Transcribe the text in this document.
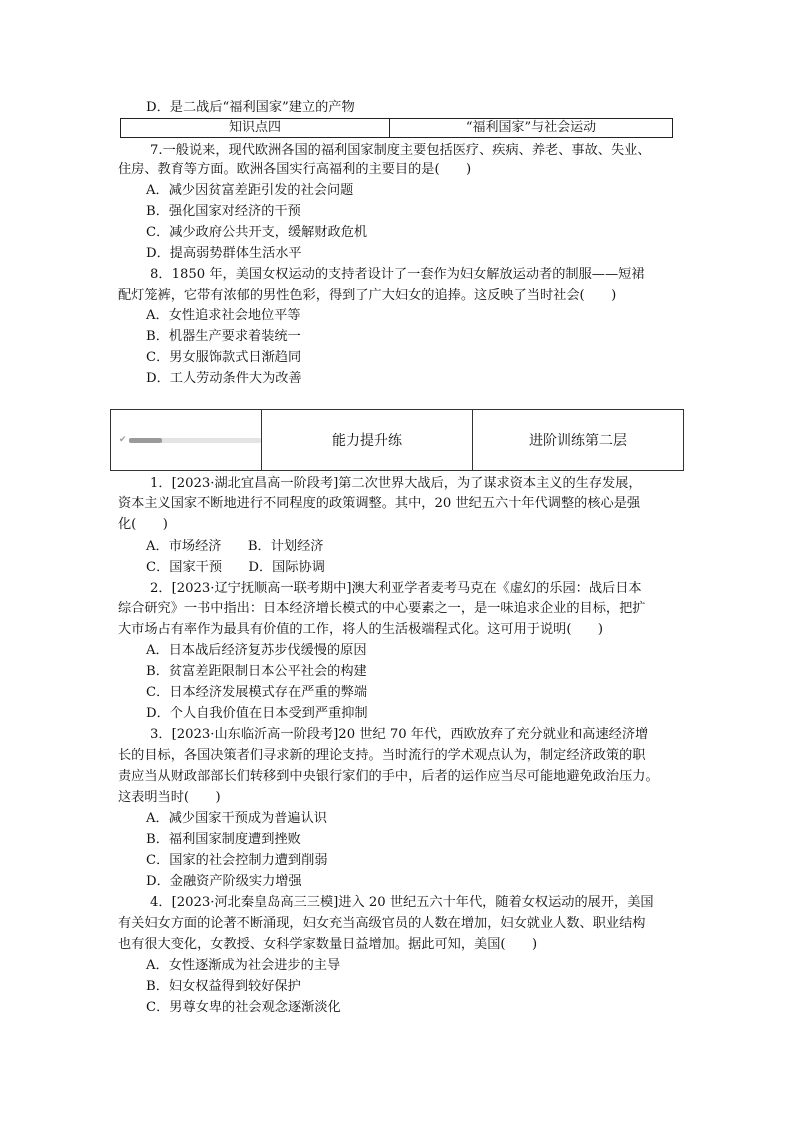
D．是二战后“福利国家”建立的产物
知识点四	“福利国家”与社会运动
7.一般说来，现代欧洲各国的福利国家制度主要包括医疗、疾病、养老、事故、失业、
住房、教育等方面。欧洲各国实行高福利的主要目的是(　　)
A．减少因贫富差距引发的社会问题
B．强化国家对经济的干预
C．减少政府公共开支，缓解财政危机
D．提高弱势群体生活水平
8．1850 年，美国女权运动的支持者设计了一套作为妇女解放运动者的制服——短裙
配灯笼裤，它带有浓郁的男性色彩，得到了广大妇女的追捧。这反映了当时社会(　　)
A．女性追求社会地位平等
B．机器生产要求着装统一
C．男女服饰款式日渐趋同
D．工人劳动条件大为改善
✔	能力提升练	进阶训练第二层
1．[2023·湖北宜昌高一阶段考]第二次世界大战后，为了谋求资本主义的生存发展，
资本主义国家不断地进行不同程度的政策调整。其中，20 世纪五六十年代调整的核心是强
化(　　)
A．市场经济　　B．计划经济
C．国家干预　　D．国际协调
2．[2023·辽宁抚顺高一联考期中]澳大利亚学者麦考马克在《虚幻的乐园：战后日本
综合研究》一书中指出：日本经济增长模式的中心要素之一，是一味追求企业的目标，把扩
大市场占有率作为最具有价值的工作，将人的生活极端程式化。这可用于说明(　　)
A．日本战后经济复苏步伐缓慢的原因
B．贫富差距限制日本公平社会的构建
C．日本经济发展模式存在严重的弊端
D．个人自我价值在日本受到严重抑制
3．[2023·山东临沂高一阶段考]20 世纪 70 年代，西欧放弃了充分就业和高速经济增
长的目标，各国决策者们寻求新的理论支持。当时流行的学术观点认为，制定经济政策的职
责应当从财政部部长们转移到中央银行家们的手中，后者的运作应当尽可能地避免政治压力。
这表明当时(　　)
A．减少国家干预成为普遍认识
B．福利国家制度遭到挫败
C．国家的社会控制力遭到削弱
D．金融资产阶级实力增强
4．[2023·河北秦皇岛高三三模]进入 20 世纪五六十年代，随着女权运动的展开，美国
有关妇女方面的论著不断涌现，妇女充当高级官员的人数在增加，妇女就业人数、职业结构
也有很大变化，女教授、女科学家数量日益增加。据此可知，美国(　　)
A．女性逐渐成为社会进步的主导
B．妇女权益得到较好保护
C．男尊女卑的社会观念逐渐淡化
